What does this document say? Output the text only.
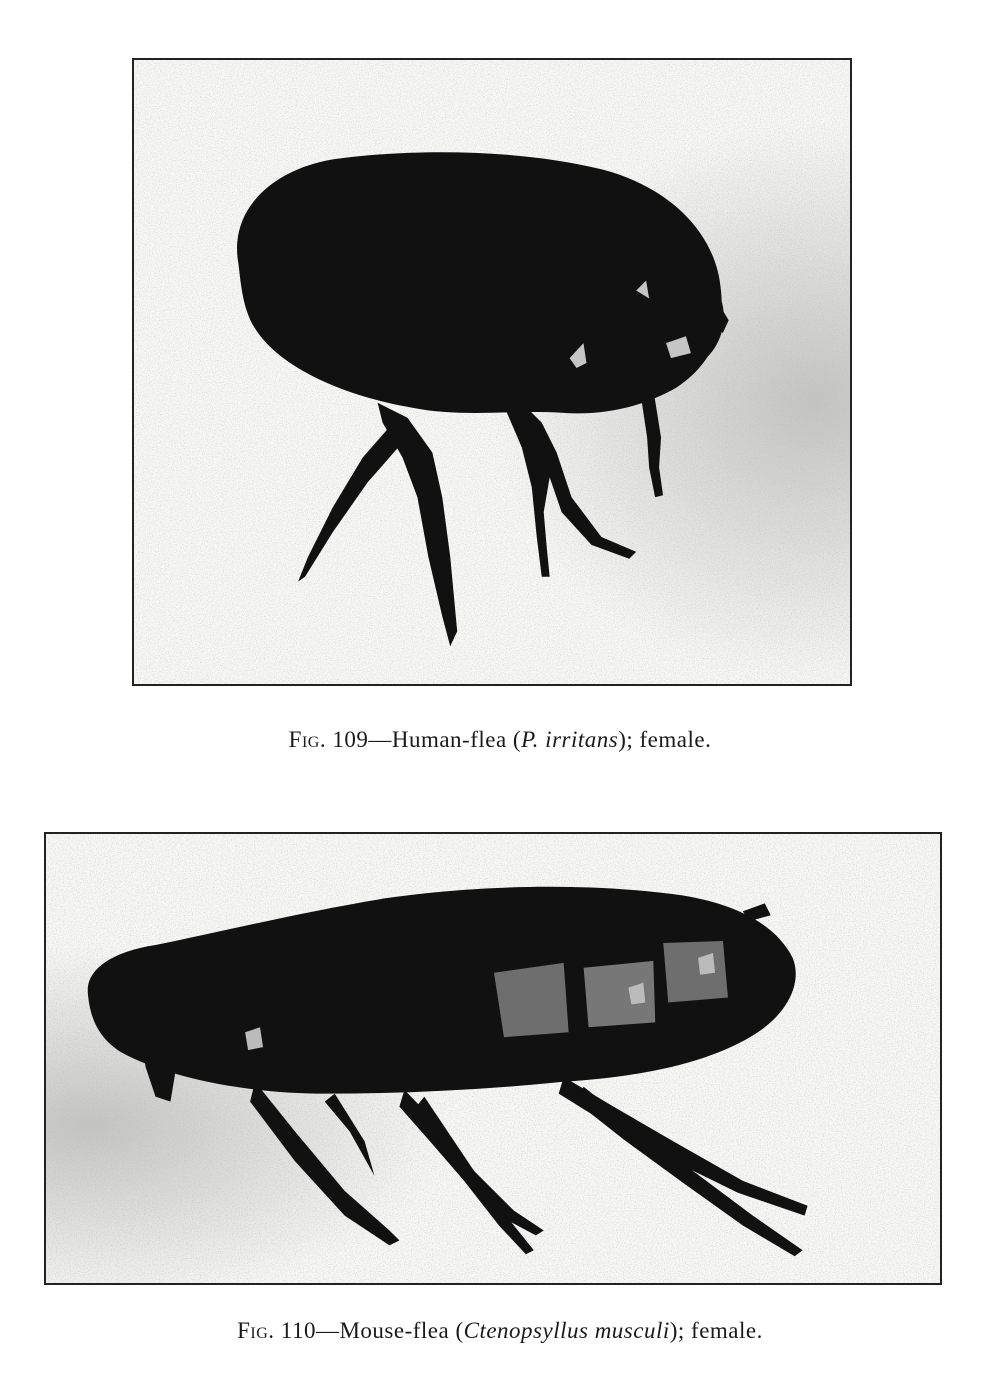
Fig. 109—Human-flea (P. irritans); female.
Fig. 110—Mouse-flea (Ctenopsyllus musculi); female.
